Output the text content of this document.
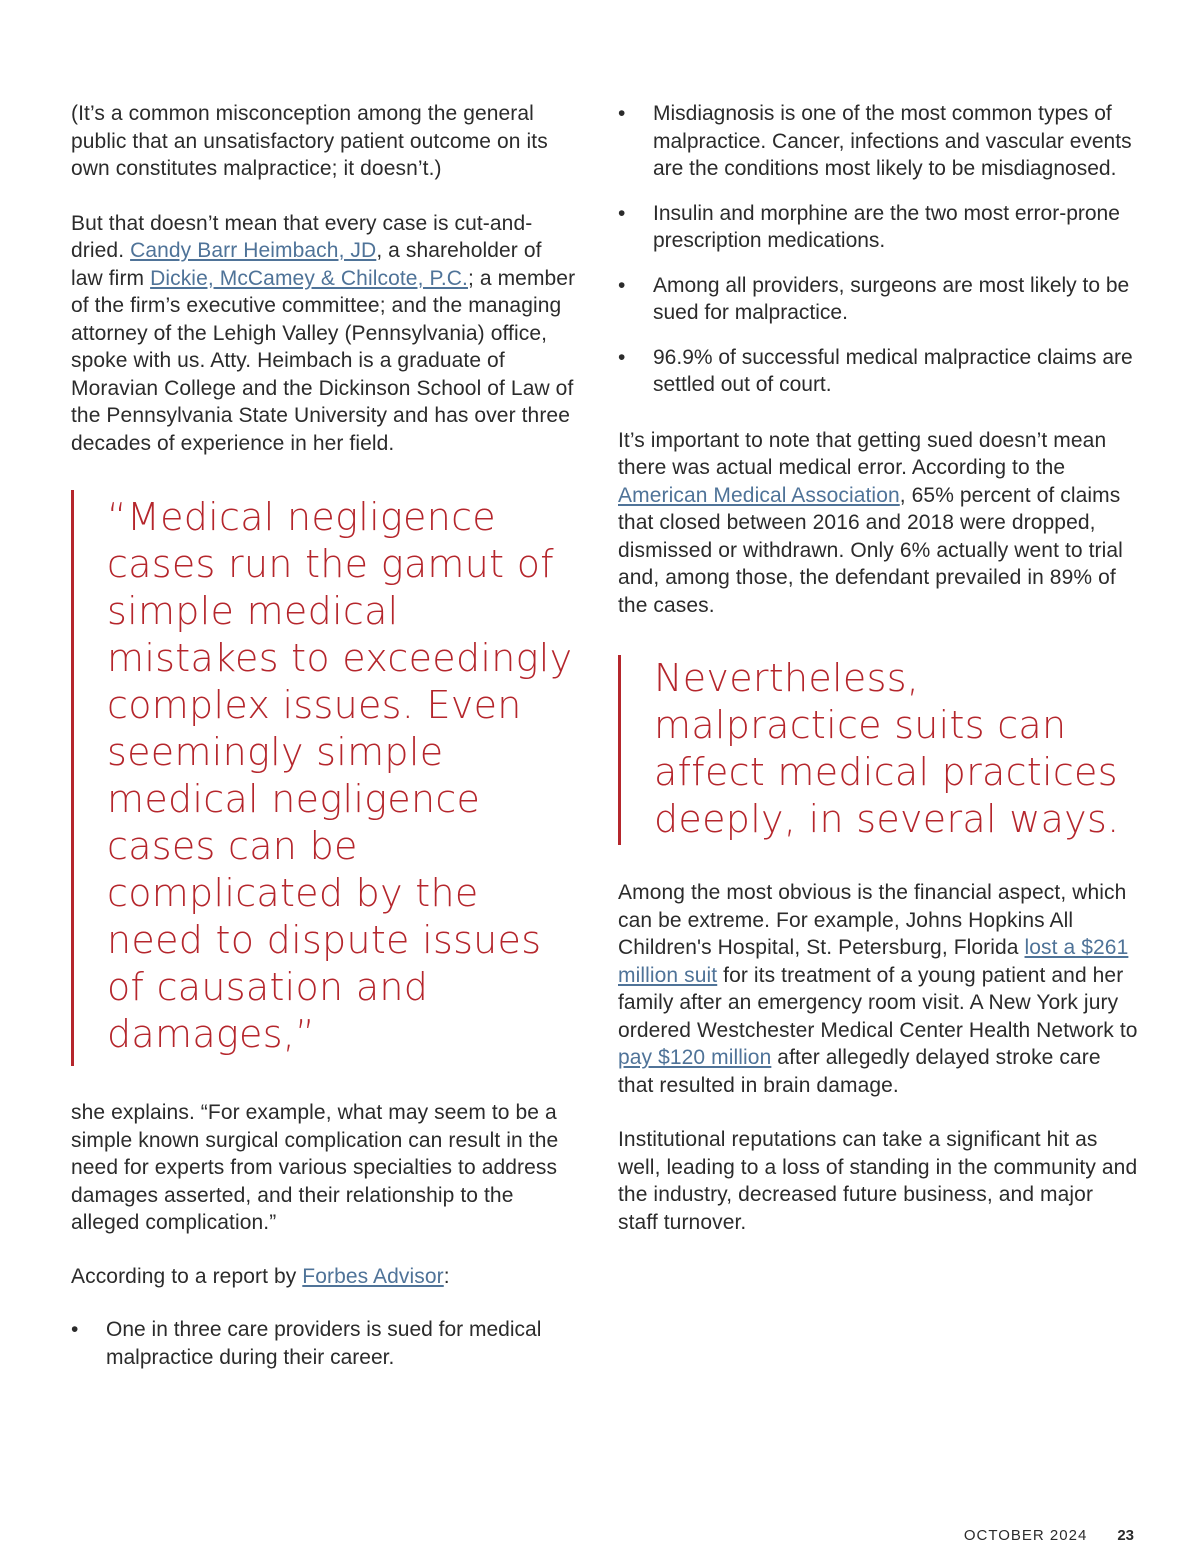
(It’s a common misconception among the general public that an unsatisfactory patient outcome on its own constitutes malpractice; it doesn’t.)

But that doesn’t mean that every case is cut-and-dried. Candy Barr Heimbach, JD, a shareholder of law firm Dickie, McCamey & Chilcote, P.C.; a member of the firm’s executive committee; and the managing attorney of the Lehigh Valley (Pennsylvania) office, spoke with us. Atty. Heimbach is a graduate of Moravian College and the Dickinson School of Law of the Pennsylvania State University and has over three decades of experience in her field.

“Medical negligence cases run the gamut of simple medical mistakes to exceedingly complex issues. Even seemingly simple medical negligence cases can be complicated by the need to dispute issues of causation and damages,”

she explains. “For example, what may seem to be a simple known surgical complication can result in the need for experts from various specialties to address damages asserted, and their relationship to the alleged complication.”

According to a report by Forbes Advisor:

•	One in three care providers is sued for medical malpractice during their career.
•	Misdiagnosis is one of the most common types of malpractice. Cancer, infections and vascular events are the conditions most likely to be misdiagnosed.
•	Insulin and morphine are the two most error-prone prescription medications.
•	Among all providers, surgeons are most likely to be sued for malpractice.
•	96.9% of successful medical malpractice claims are settled out of court.

It’s important to note that getting sued doesn’t mean there was actual medical error. According to the American Medical Association, 65% percent of claims that closed between 2016 and 2018 were dropped, dismissed or withdrawn. Only 6% actually went to trial and, among those, the defendant prevailed in 89% of the cases.

Nevertheless, malpractice suits can affect medical practices deeply, in several ways.

Among the most obvious is the financial aspect, which can be extreme. For example, Johns Hopkins All Children's Hospital, St. Petersburg, Florida lost a $261 million suit for its treatment of a young patient and her family after an emergency room visit. A New York jury ordered Westchester Medical Center Health Network to pay $120 million after allegedly delayed stroke care that resulted in brain damage.

Institutional reputations can take a significant hit as well, leading to a loss of standing in the community and the industry, decreased future business, and major staff turnover.

OCTOBER 2024 23
